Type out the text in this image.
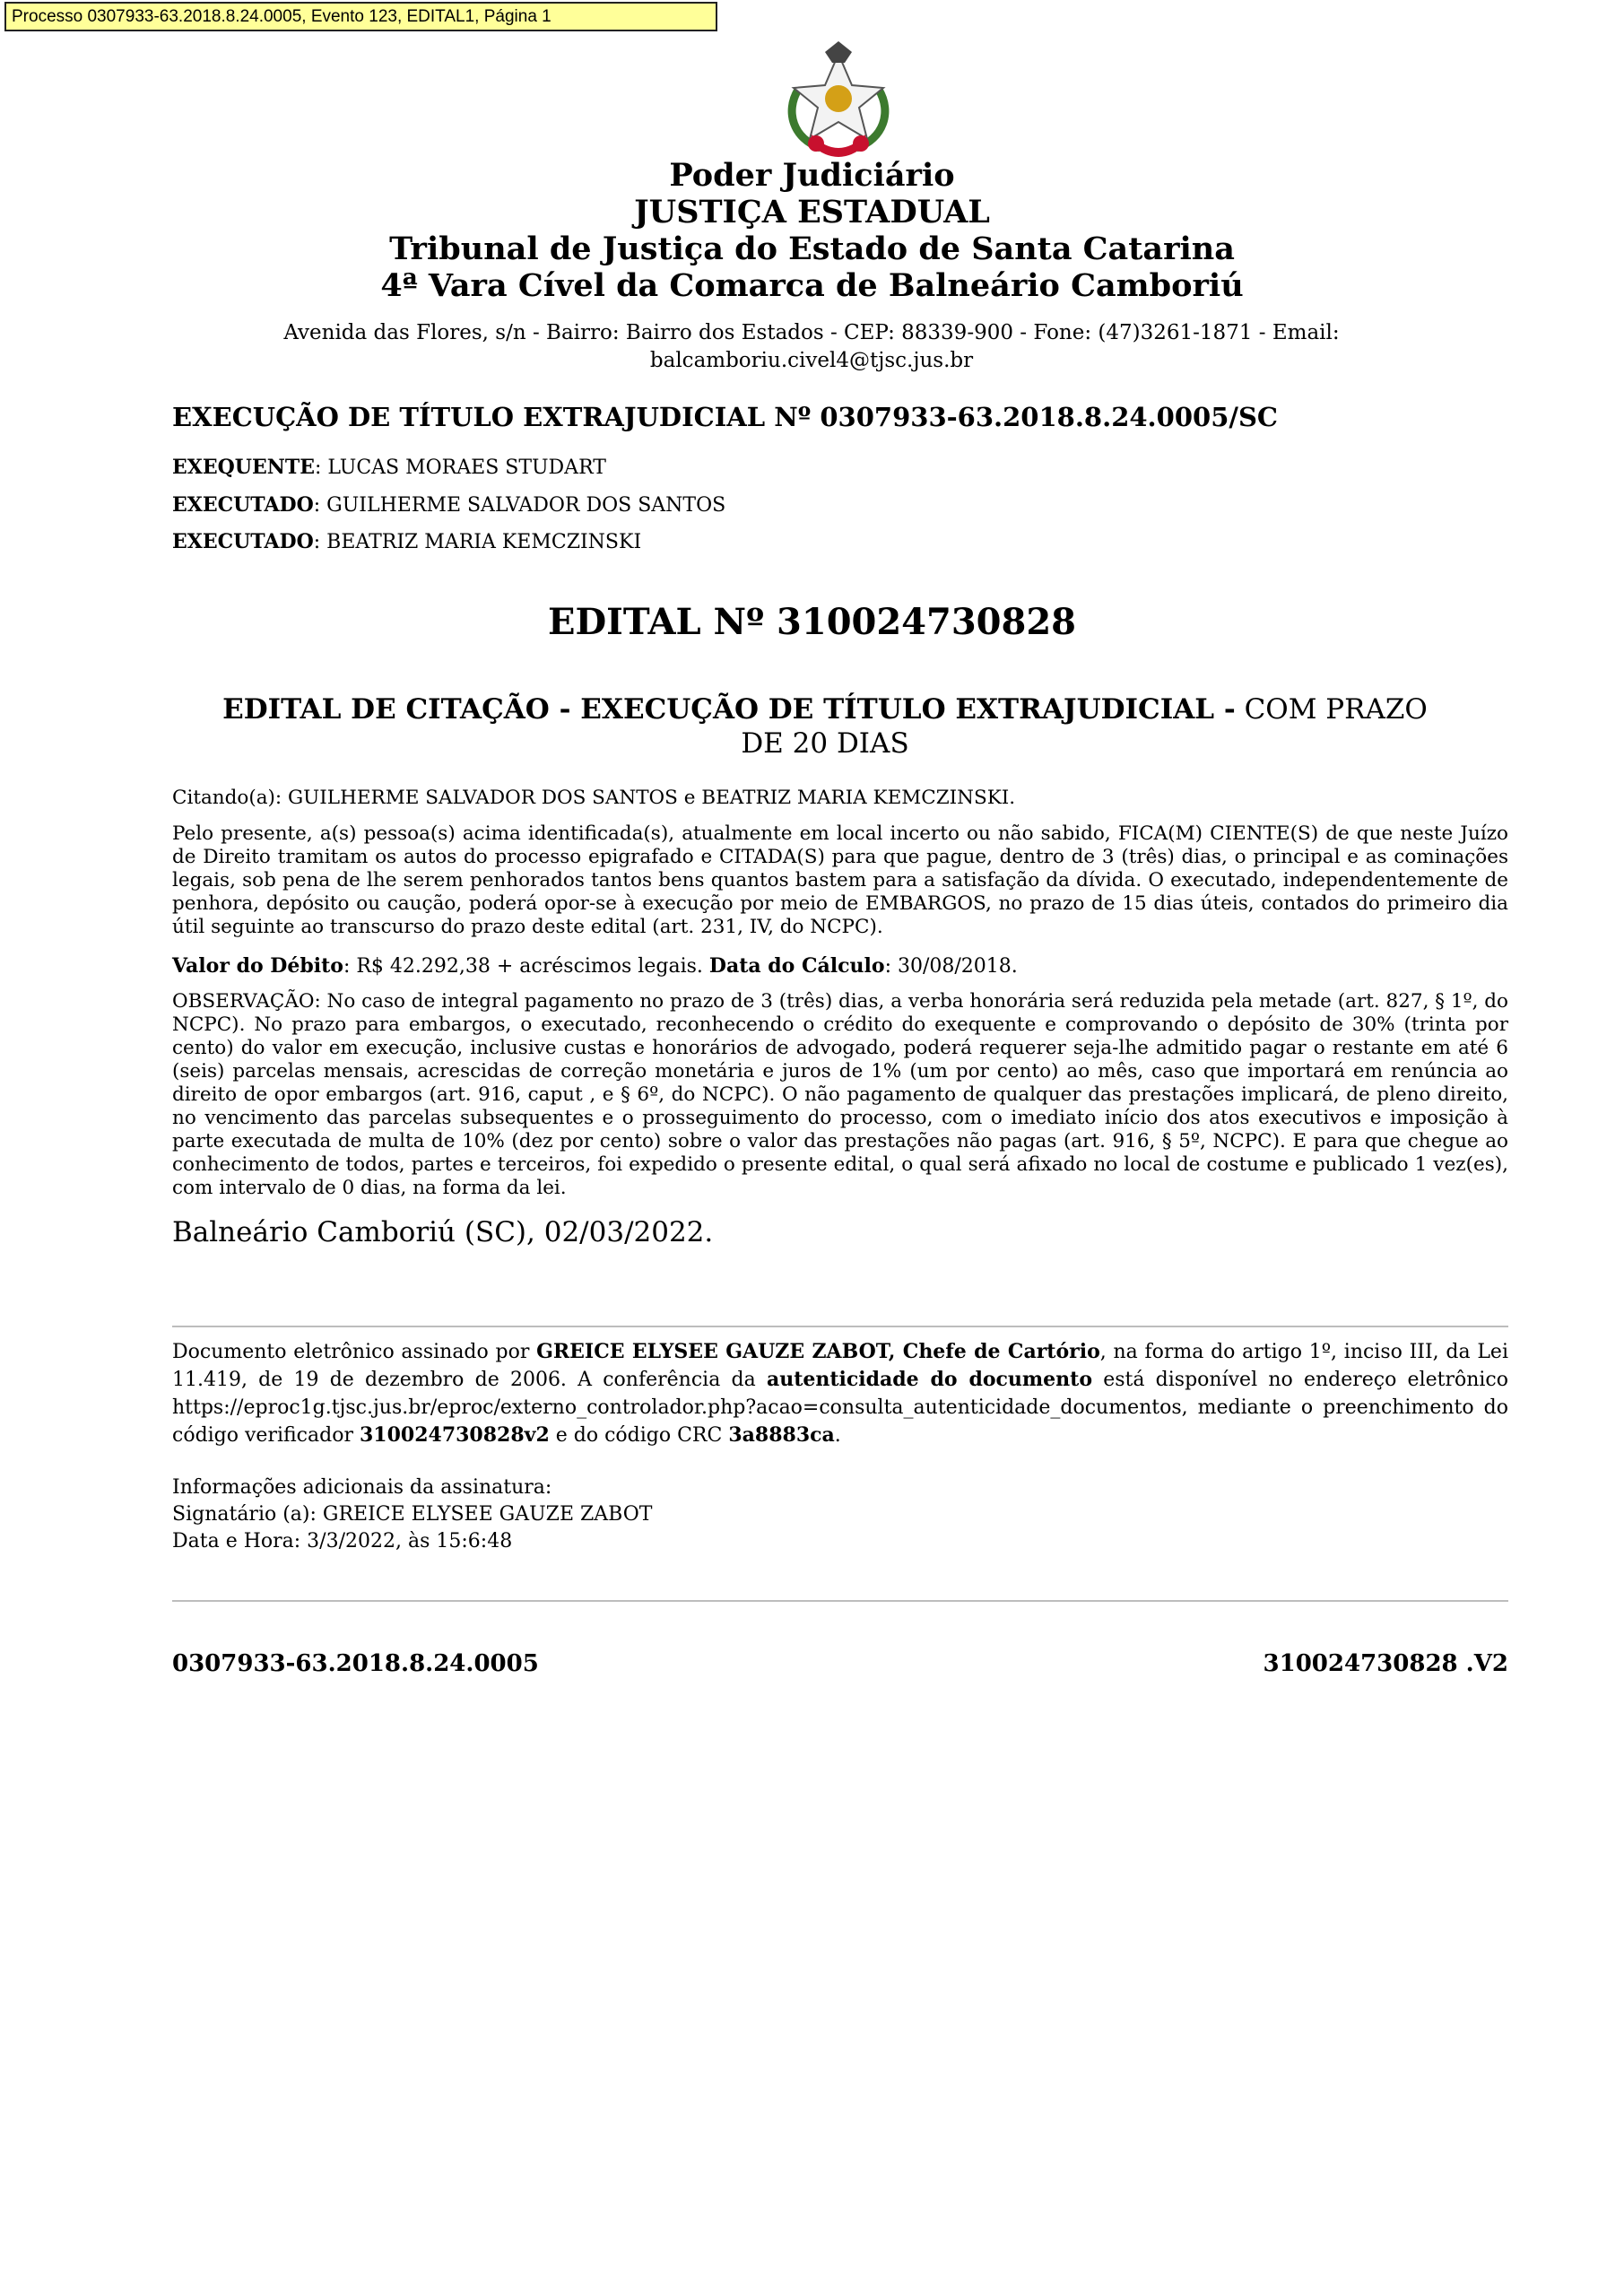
Processo 0307933-63.2018.8.24.0005, Evento 123, EDITAL1, Página 1
Poder Judiciário
JUSTIÇA ESTADUAL
Tribunal de Justiça do Estado de Santa Catarina
4ª Vara Cível da Comarca de Balneário Camboriú
Avenida das Flores, s/n - Bairro: Bairro dos Estados - CEP: 88339-900 - Fone: (47)3261-1871 - Email:
balcamboriu.civel4@tjsc.jus.br
EXECUÇÃO DE TÍTULO EXTRAJUDICIAL Nº 0307933-63.2018.8.24.0005/SC
EXEQUENTE: LUCAS MORAES STUDART
EXECUTADO: GUILHERME SALVADOR DOS SANTOS
EXECUTADO: BEATRIZ MARIA KEMCZINSKI
EDITAL Nº 310024730828
EDITAL DE CITAÇÃO - EXECUÇÃO DE TÍTULO EXTRAJUDICIAL - COM PRAZO DE 20 DIAS
Citando(a): GUILHERME SALVADOR DOS SANTOS e BEATRIZ MARIA KEMCZINSKI.
Pelo presente, a(s) pessoa(s) acima identificada(s), atualmente em local incerto ou não sabido, FICA(M) CIENTE(S) de que neste Juízo de Direito tramitam os autos do processo epigrafado e CITADA(S) para que pague, dentro de 3 (três) dias, o principal e as cominações legais, sob pena de lhe serem penhorados tantos bens quantos bastem para a satisfação da dívida. O executado, independentemente de penhora, depósito ou caução, poderá opor-se à execução por meio de EMBARGOS, no prazo de 15 dias úteis, contados do primeiro dia útil seguinte ao transcurso do prazo deste edital (art. 231, IV, do NCPC).
Valor do Débito: R$ 42.292,38 + acréscimos legais. Data do Cálculo: 30/08/2018.
OBSERVAÇÃO: No caso de integral pagamento no prazo de 3 (três) dias, a verba honorária será reduzida pela metade (art. 827, § 1º, do NCPC). No prazo para embargos, o executado, reconhecendo o crédito do exequente e comprovando o depósito de 30% (trinta por cento) do valor em execução, inclusive custas e honorários de advogado, poderá requerer seja-lhe admitido pagar o restante em até 6 (seis) parcelas mensais, acrescidas de correção monetária e juros de 1% (um por cento) ao mês, caso que importará em renúncia ao direito de opor embargos (art. 916, caput , e § 6º, do NCPC). O não pagamento de qualquer das prestações implicará, de pleno direito, no vencimento das parcelas subsequentes e o prosseguimento do processo, com o imediato início dos atos executivos e imposição à parte executada de multa de 10% (dez por cento) sobre o valor das prestações não pagas (art. 916, § 5º, NCPC). E para que chegue ao conhecimento de todos, partes e terceiros, foi expedido o presente edital, o qual será afixado no local de costume e publicado 1 vez(es), com intervalo de 0 dias, na forma da lei.
Balneário Camboriú (SC), 02/03/2022.
Documento eletrônico assinado por GREICE ELYSEE GAUZE ZABOT, Chefe de Cartório, na forma do artigo 1º, inciso III, da Lei 11.419, de 19 de dezembro de 2006. A conferência da autenticidade do documento está disponível no endereço eletrônico https://eproc1g.tjsc.jus.br/eproc/externo_controlador.php?acao=consulta_autenticidade_documentos, mediante o preenchimento do código verificador 310024730828v2 e do código CRC 3a8883ca.
Informações adicionais da assinatura:
Signatário (a): GREICE ELYSEE GAUZE ZABOT
Data e Hora: 3/3/2022, às 15:6:48
0307933-63.2018.8.24.0005	310024730828 .V2
